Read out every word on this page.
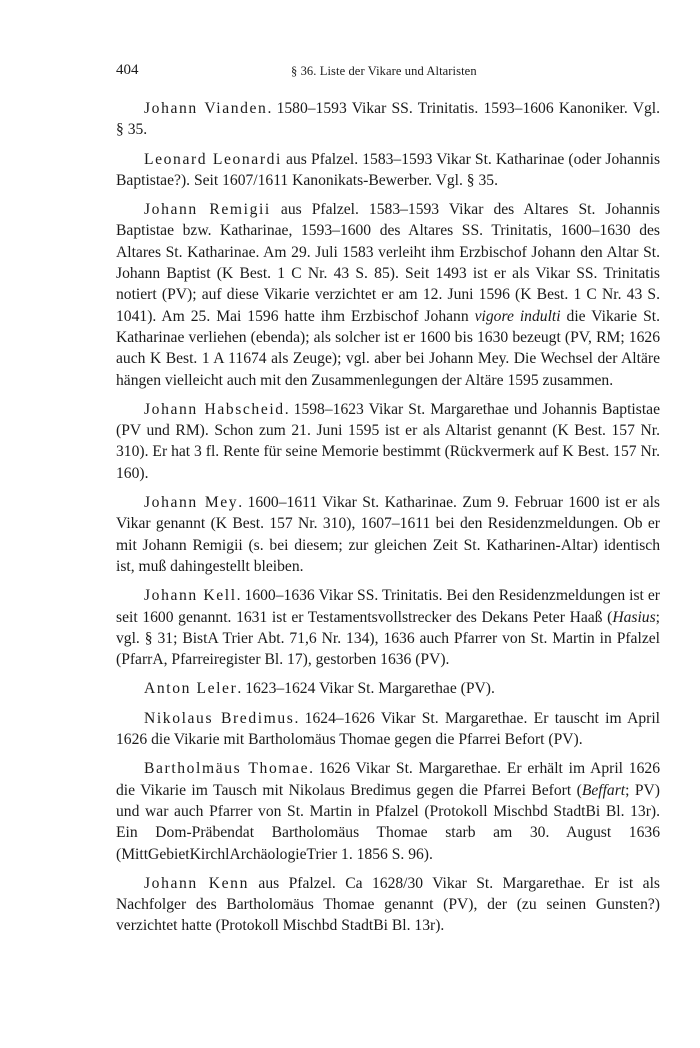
404	§ 36. Liste der Vikare und Altaristen

Johann Vianden. 1580–1593 Vikar SS. Trinitatis. 1593–1606 Kanoniker. Vgl. § 35.

Leonard Leonardi aus Pfalzel. 1583–1593 Vikar St. Katharinae (oder Johannis Baptistae?). Seit 1607/1611 Kanonikats-Bewerber. Vgl. § 35.

Johann Remigii aus Pfalzel. 1583–1593 Vikar des Altares St. Johannis Baptistae bzw. Katharinae, 1593–1600 des Altares SS. Trinitatis, 1600–1630 des Altares St. Katharinae. Am 29. Juli 1583 verleiht ihm Erzbischof Johann den Altar St. Johann Baptist (K Best. 1 C Nr. 43 S. 85). Seit 1493 ist er als Vikar SS. Trinitatis notiert (PV); auf diese Vikarie verzichtet er am 12. Juni 1596 (K Best. 1 C Nr. 43 S. 1041). Am 25. Mai 1596 hatte ihm Erzbischof Johann vigore indulti die Vikarie St. Katharinae verliehen (ebenda); als solcher ist er 1600 bis 1630 bezeugt (PV, RM; 1626 auch K Best. 1 A 11674 als Zeuge); vgl. aber bei Johann Mey. Die Wechsel der Altäre hängen vielleicht auch mit den Zusammenlegungen der Altäre 1595 zusammen.

Johann Habscheid. 1598–1623 Vikar St. Margarethae und Johannis Baptistae (PV und RM). Schon zum 21. Juni 1595 ist er als Altarist genannt (K Best. 157 Nr. 310). Er hat 3 fl. Rente für seine Memorie bestimmt (Rückvermerk auf K Best. 157 Nr. 160).

Johann Mey. 1600–1611 Vikar St. Katharinae. Zum 9. Februar 1600 ist er als Vikar genannt (K Best. 157 Nr. 310), 1607–1611 bei den Residenzmeldungen. Ob er mit Johann Remigii (s. bei diesem; zur gleichen Zeit St. Katharinen-Altar) identisch ist, muß dahingestellt bleiben.

Johann Kell. 1600–1636 Vikar SS. Trinitatis. Bei den Residenzmeldungen ist er seit 1600 genannt. 1631 ist er Testamentsvollstrecker des Dekans Peter Haaß (Hasius; vgl. § 31; BistA Trier Abt. 71,6 Nr. 134), 1636 auch Pfarrer von St. Martin in Pfalzel (PfarrA, Pfarreiregister Bl. 17), gestorben 1636 (PV).

Anton Leler. 1623–1624 Vikar St. Margarethae (PV).

Nikolaus Bredimus. 1624–1626 Vikar St. Margarethae. Er tauscht im April 1626 die Vikarie mit Bartholomäus Thomae gegen die Pfarrei Befort (PV).

Bartholmäus Thomae. 1626 Vikar St. Margarethae. Er erhält im April 1626 die Vikarie im Tausch mit Nikolaus Bredimus gegen die Pfarrei Befort (Beffart; PV) und war auch Pfarrer von St. Martin in Pfalzel (Protokoll Mischbd StadtBi Bl. 13r). Ein Dom-Präbendat Bartholomäus Thomae starb am 30. August 1636 (MittGebietKirchlArchäologieTrier 1. 1856 S. 96).

Johann Kenn aus Pfalzel. Ca 1628/30 Vikar St. Margarethae. Er ist als Nachfolger des Bartholomäus Thomae genannt (PV), der (zu seinen Gunsten?) verzichtet hatte (Protokoll Mischbd StadtBi Bl. 13r).
